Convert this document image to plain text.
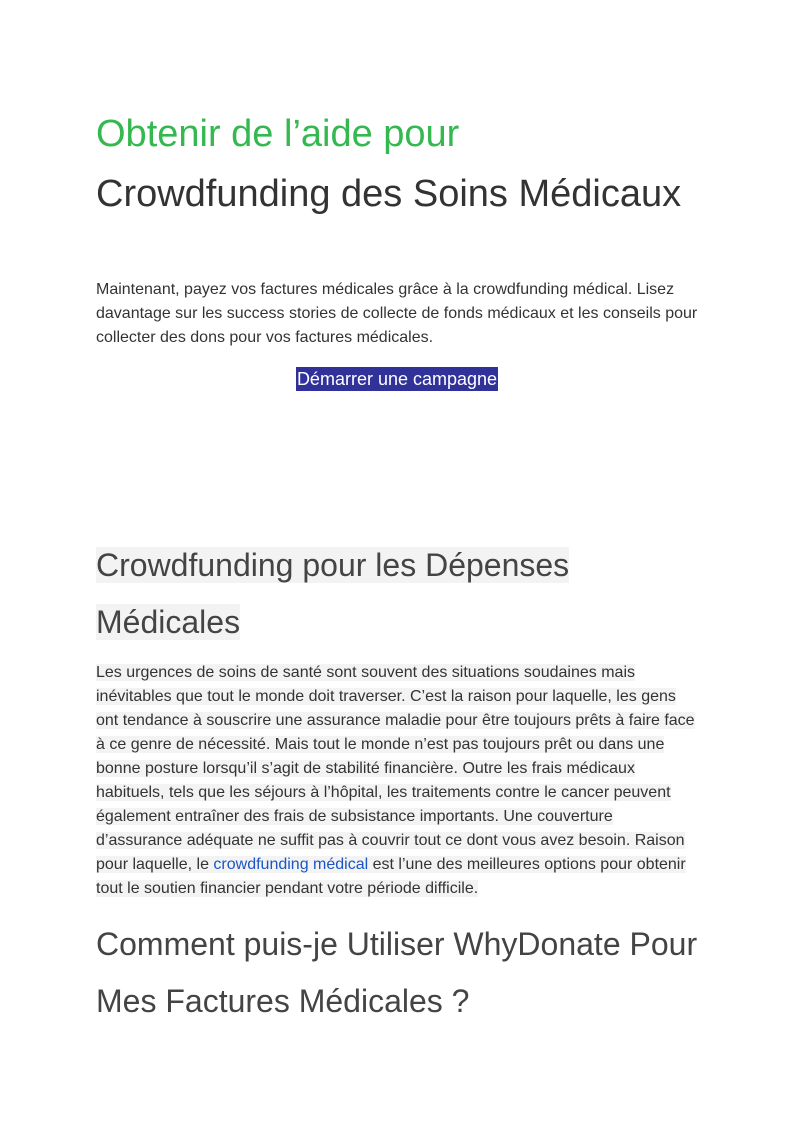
Obtenir de l’aide pour
Crowdfunding des Soins Médicaux

Maintenant, payez vos factures médicales grâce à la crowdfunding médical. Lisez davantage sur les success stories de collecte de fonds médicaux et les conseils pour collecter des dons pour vos factures médicales.

Démarrer une campagne
Crowdfunding pour les Dépenses
Médicales

Les urgences de soins de santé sont souvent des situations soudaines mais inévitables que tout le monde doit traverser. C’est la raison pour laquelle, les gens ont tendance à souscrire une assurance maladie pour être toujours prêts à faire face à ce genre de nécessité. Mais tout le monde n’est pas toujours prêt ou dans une bonne posture lorsqu’il s’agit de stabilité financière. Outre les frais médicaux habituels, tels que les séjours à l’hôpital, les traitements contre le cancer peuvent également entraîner des frais de subsistance importants. Une couverture d’assurance adéquate ne suffit pas à couvrir tout ce dont vous avez besoin. Raison pour laquelle, le crowdfunding médical est l’une des meilleures options pour obtenir tout le soutien financier pendant votre période difficile.

Comment puis-je Utiliser WhyDonate Pour
Mes Factures Médicales ?
